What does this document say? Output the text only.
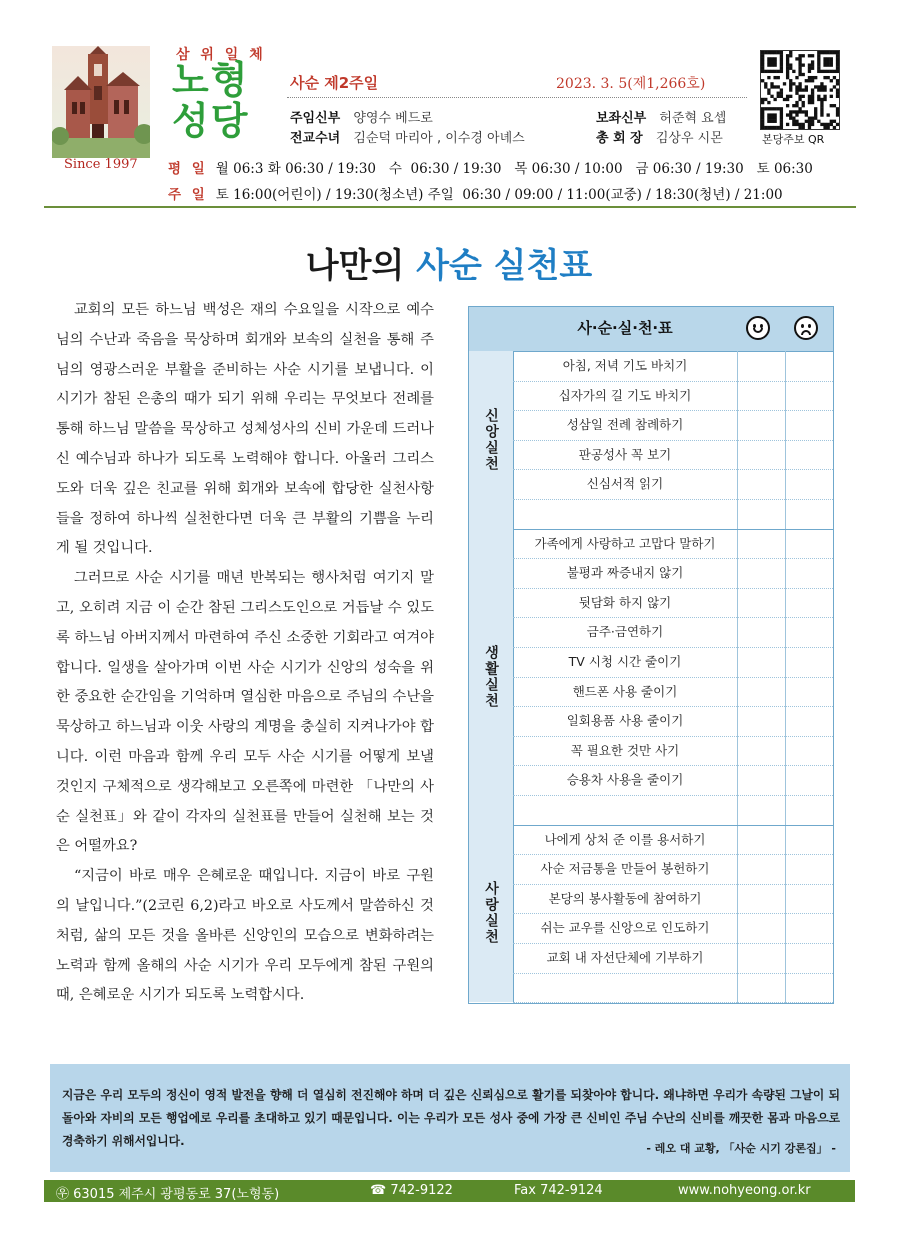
Since 1997
삼 위 일 체
노형
성당
사순 제2주일	2023. 3. 5(제1,266호)
주임신부 양영수 베드로	보좌신부 허준혁 요셉
전교수녀 김순덕 마리아 , 이수경 아녜스	총 회 장 김상우 시몬	본당주보 QR
평 일 월 06:3 화 06:30 / 19:30   수  06:30 / 19:30   목 06:30 / 10:00   금 06:30 / 19:30   토 06:30
주 일 토 16:00(어린이) / 19:30(청소년) 주일  06:30 / 09:00 / 11:00(교중) / 18:30(청년) / 21:00
나만의 사순 실천표

교회의 모든 하느님 백성은 재의 수요일을 시작으로 예수님의 수난과 죽음을 묵상하며 회개와 보속의 실천을 통해 주님의 영광스러운 부활을 준비하는 사순 시기를 보냅니다. 이 시기가 참된 은총의 때가 되기 위해 우리는 무엇보다 전례를 통해 하느님 말씀을 묵상하고 성체성사의 신비 가운데 드러나신 예수님과 하나가 되도록 노력해야 합니다. 아울러 그리스도와 더욱 깊은 친교를 위해 회개와 보속에 합당한 실천사항들을 정하여 하나씩 실천한다면 더욱 큰 부활의 기쁨을 누리게 될 것입니다.

그러므로 사순 시기를 매년 반복되는 행사처럼 여기지 말고, 오히려 지금 이 순간 참된 그리스도인으로 거듭날 수 있도록 하느님 아버지께서 마련하여 주신 소중한 기회라고 여겨야 합니다. 일생을 살아가며 이번 사순 시기가 신앙의 성숙을 위한 중요한 순간임을 기억하며 열심한 마음으로 주님의 수난을 묵상하고 하느님과 이웃 사랑의 계명을 충실히 지켜나가야 합니다. 이런 마음과 함께 우리 모두 사순 시기를 어떻게 보낼 것인지 구체적으로 생각해보고 오른쪽에 마련한 「나만의 사순 실천표」와 같이 각자의 실천표를 만들어 실천해 보는 것은 어떨까요?

“지금이 바로 매우 은혜로운 때입니다. 지금이 바로 구원의 날입니다.”(2코린 6,2)라고 바오로 사도께서 말씀하신 것처럼, 삶의 모든 것을 올바른 신앙인의 모습으로 변화하려는 노력과 함께 올해의 사순 시기가 우리 모두에게 참된 구원의 때, 은혜로운 시기가 되도록 노력합시다.

사·순·실·천·표
신앙실천
아침, 저녁 기도 바치기
십자가의 길 기도 바치기
성삼일 전례 참례하기
판공성사 꼭 보기
신심서적 읽기
생활실천
가족에게 사랑하고 고맙다 말하기
불평과 짜증내지 않기
뒷담화 하지 않기
금주·금연하기
TV 시청 시간 줄이기
핸드폰 사용 줄이기
일회용품 사용 줄이기
꼭 필요한 것만 사기
승용차 사용을 줄이기
사랑실천
나에게 상처 준 이를 용서하기
사순 저금통을 만들어 봉헌하기
본당의 봉사활동에 참여하기
쉬는 교우를 신앙으로 인도하기
교회 내 자선단체에 기부하기
지금은 우리 모두의 정신이 영적 발전을 향해 더 열심히 전진해야 하며 더 깊은 신뢰심으로 활기를 되찾아야 합니다. 왜냐하면 우리가 속량된 그날이 되돌아와 자비의 모든 행업에로 우리를 초대하고 있기 때문입니다. 이는 우리가 모든 성사 중에 가장 큰 신비인 주님 수난의 신비를 깨끗한 몸과 마음으로 경축하기 위해서입니다.
- 레오 대 교황, 「사순 시기 강론집」 -
㉾ 63015 제주시 광평동로 37(노형동)	☎ 742-9122	Fax 742-9124	www.nohyeong.or.kr
